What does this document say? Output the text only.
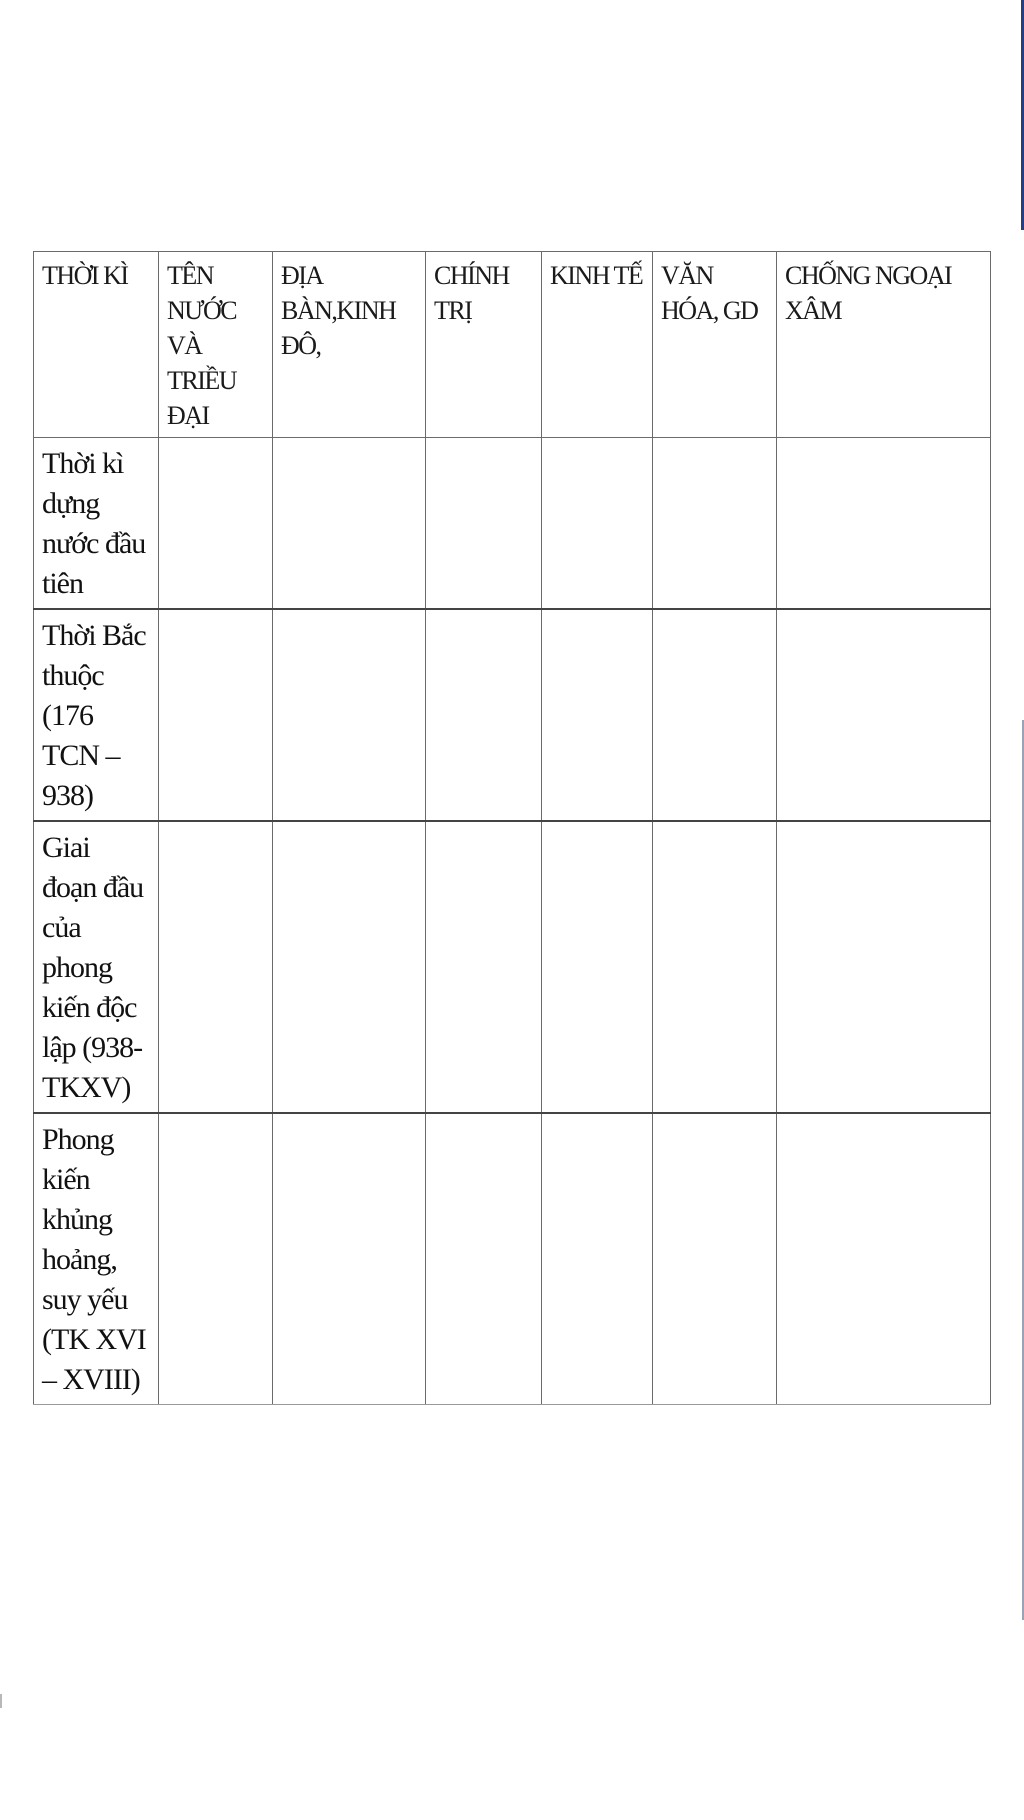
THỜI KÌ	TÊN NƯỚC VÀ TRIỀU ĐẠI	ĐỊA BÀN,KINH ĐÔ,	CHÍNH TRỊ	KINH TẾ	VĂN HÓA, GD	CHỐNG NGOẠI XÂM
Thời kì dựng nước đầu tiên						
Thời Bắc thuộc (176 TCN – 938)						
Giai đoạn đầu của phong kiến độc lập (938-TKXV)						
Phong kiến khủng hoảng, suy yếu (TK XVI – XVIII)						
